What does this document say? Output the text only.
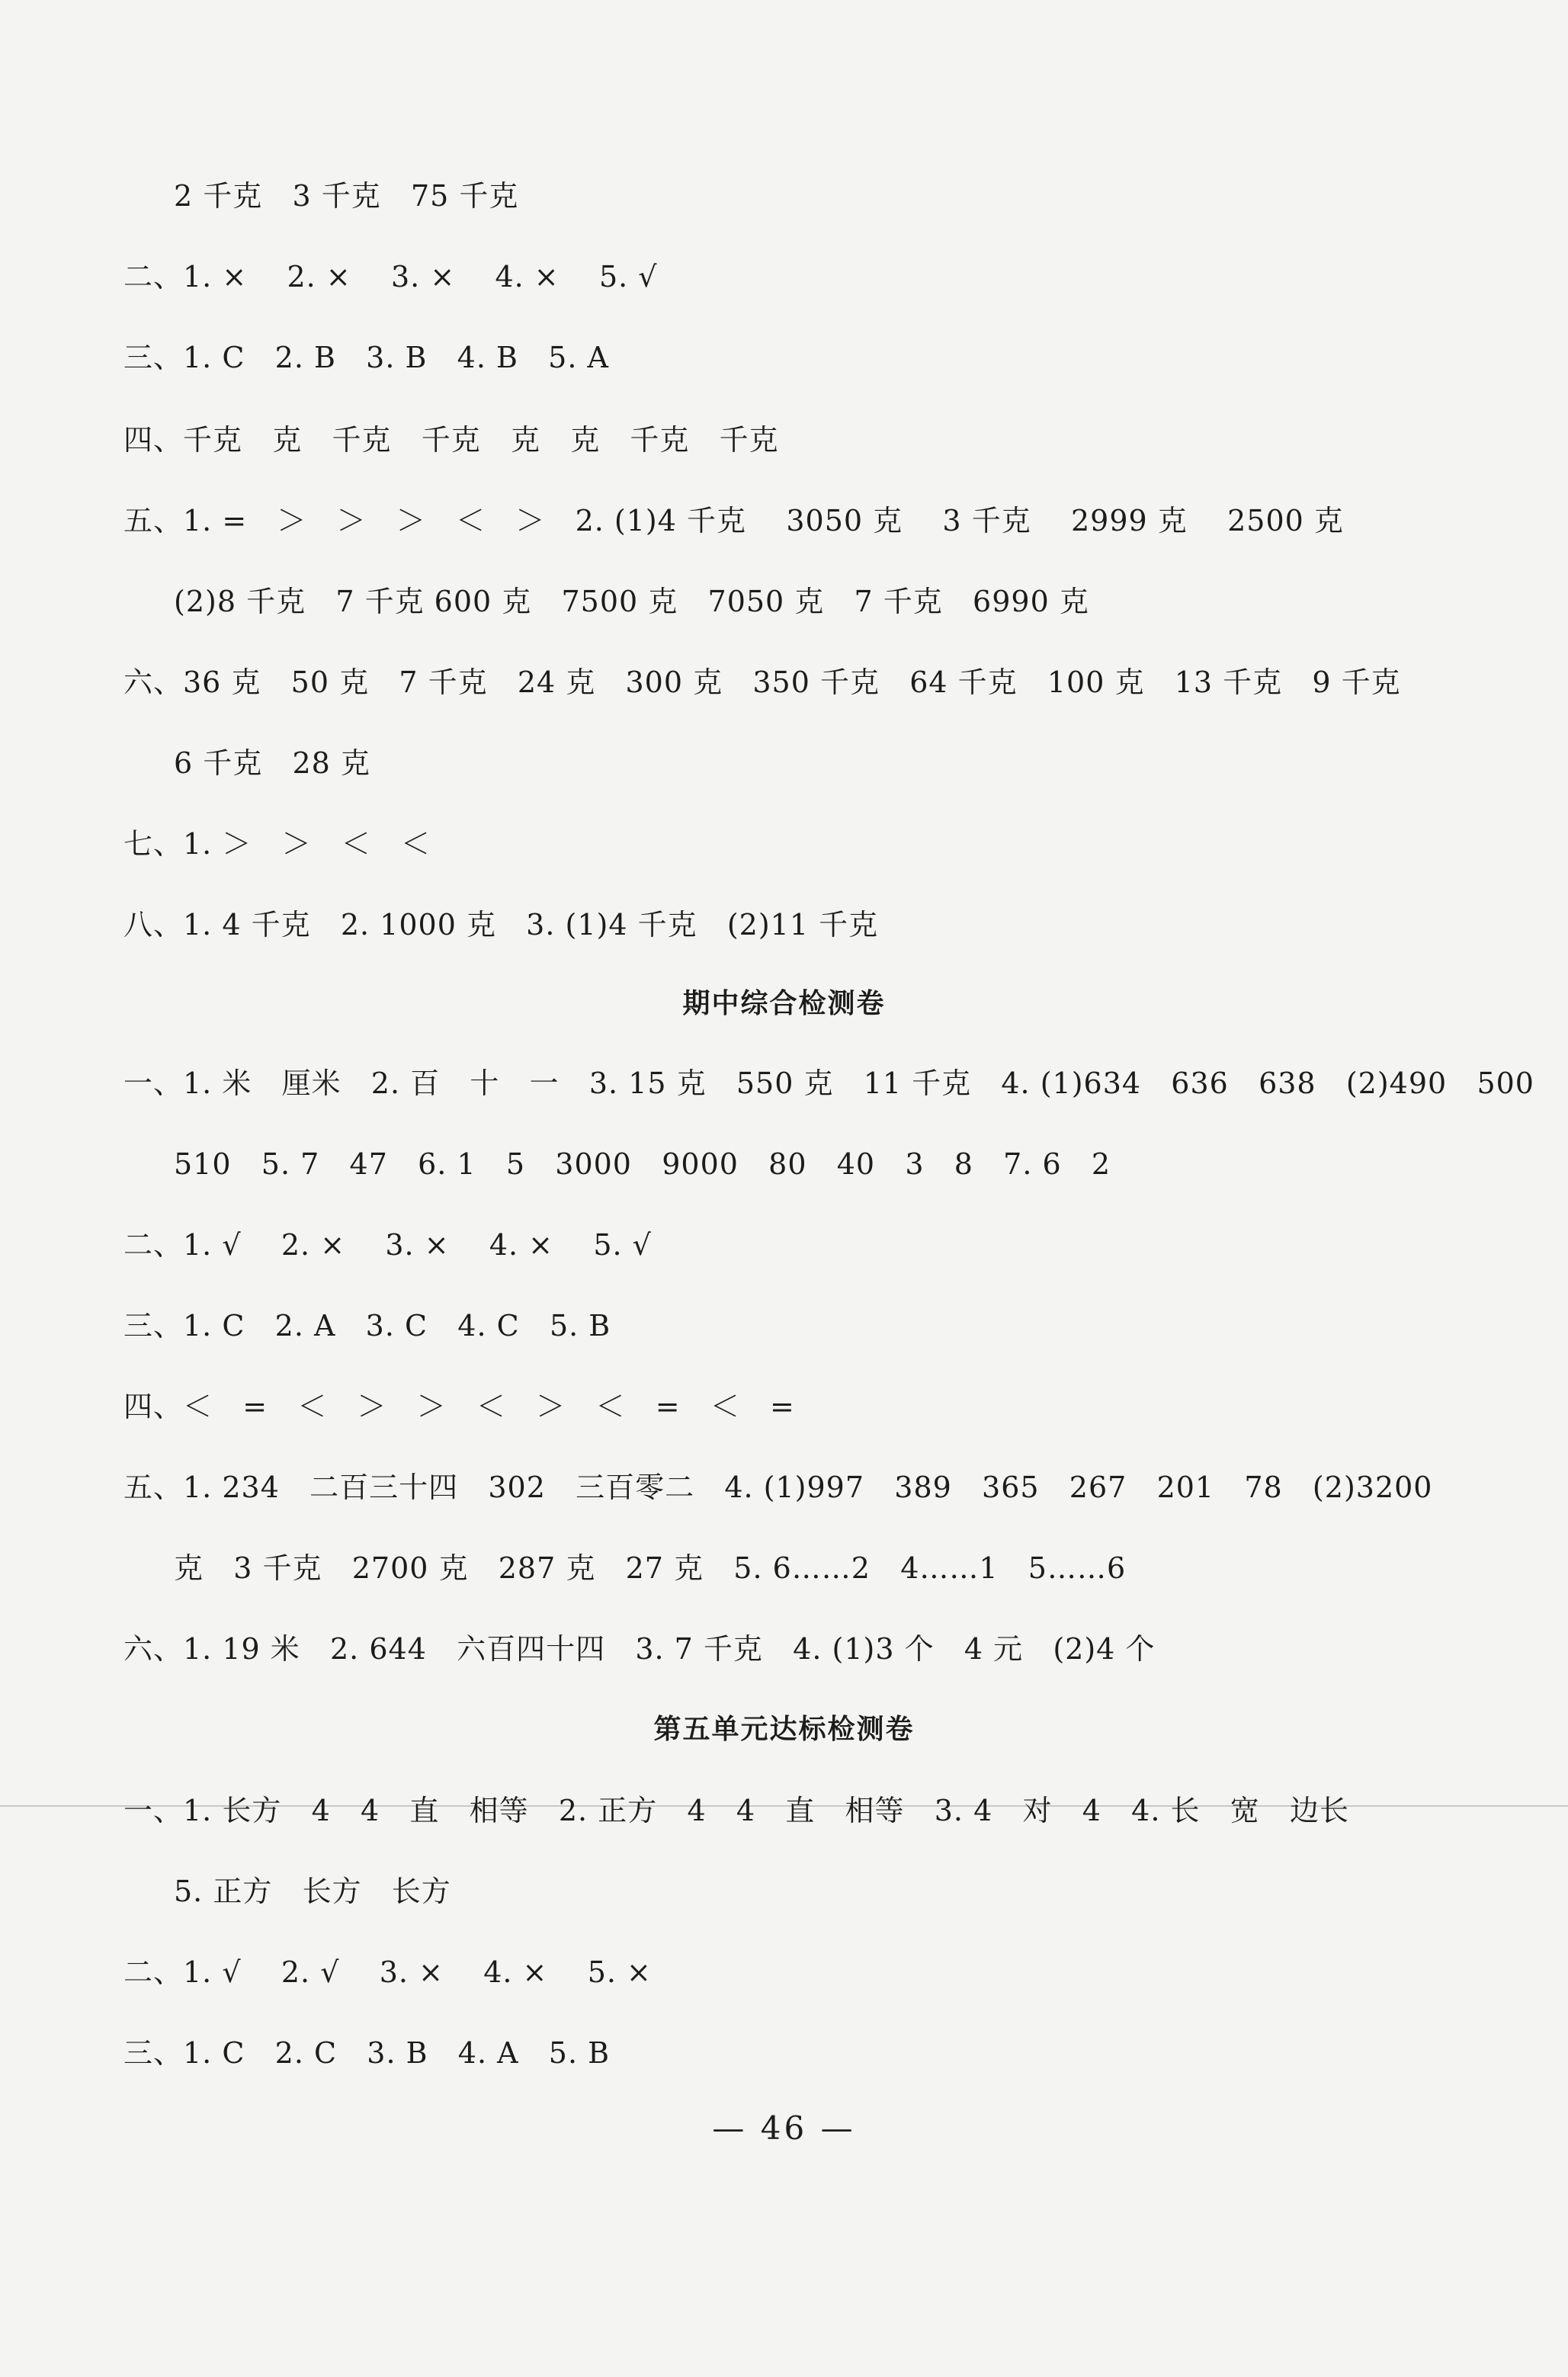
2 千克   3 千克   75 千克
二、1. ×    2. ×    3. ×    4. ×    5. √
三、1. C   2. B   3. B   4. B   5. A
四、千克   克   千克   千克   克   克   千克   千克
五、1. =   ＞   ＞   ＞   ＜   ＞   2. (1)4 千克    3050 克    3 千克    2999 克    2500 克
(2)8 千克   7 千克 600 克   7500 克   7050 克   7 千克   6990 克
六、36 克   50 克   7 千克   24 克   300 克   350 千克   64 千克   100 克   13 千克   9 千克
6 千克   28 克
七、1. ＞   ＞   ＜   ＜
八、1. 4 千克   2. 1000 克   3. (1)4 千克   (2)11 千克
期中综合检测卷
一、1. 米   厘米   2. 百   十   一   3. 15 克   550 克   11 千克   4. (1)634   636   638   (2)490   500
510   5. 7   47   6. 1   5   3000   9000   80   40   3   8   7. 6   2
二、1. √    2. ×    3. ×    4. ×    5. √
三、1. C   2. A   3. C   4. C   5. B
四、＜   =   ＜   ＞   ＞   ＜   ＞   ＜   =   ＜   =
五、1. 234   二百三十四   302   三百零二   4. (1)997   389   365   267   201   78   (2)3200
克   3 千克   2700 克   287 克   27 克   5. 6……2   4……1   5……6
六、1. 19 米   2. 644   六百四十四   3. 7 千克   4. (1)3 个   4 元   (2)4 个
第五单元达标检测卷
一、1. 长方   4   4   直   相等   2. 正方   4   4   直   相等   3. 4   对   4   4. 长   宽   边长
5. 正方   长方   长方
二、1. √    2. √    3. ×    4. ×    5. ×
三、1. C   2. C   3. B   4. A   5. B
— 46 —
